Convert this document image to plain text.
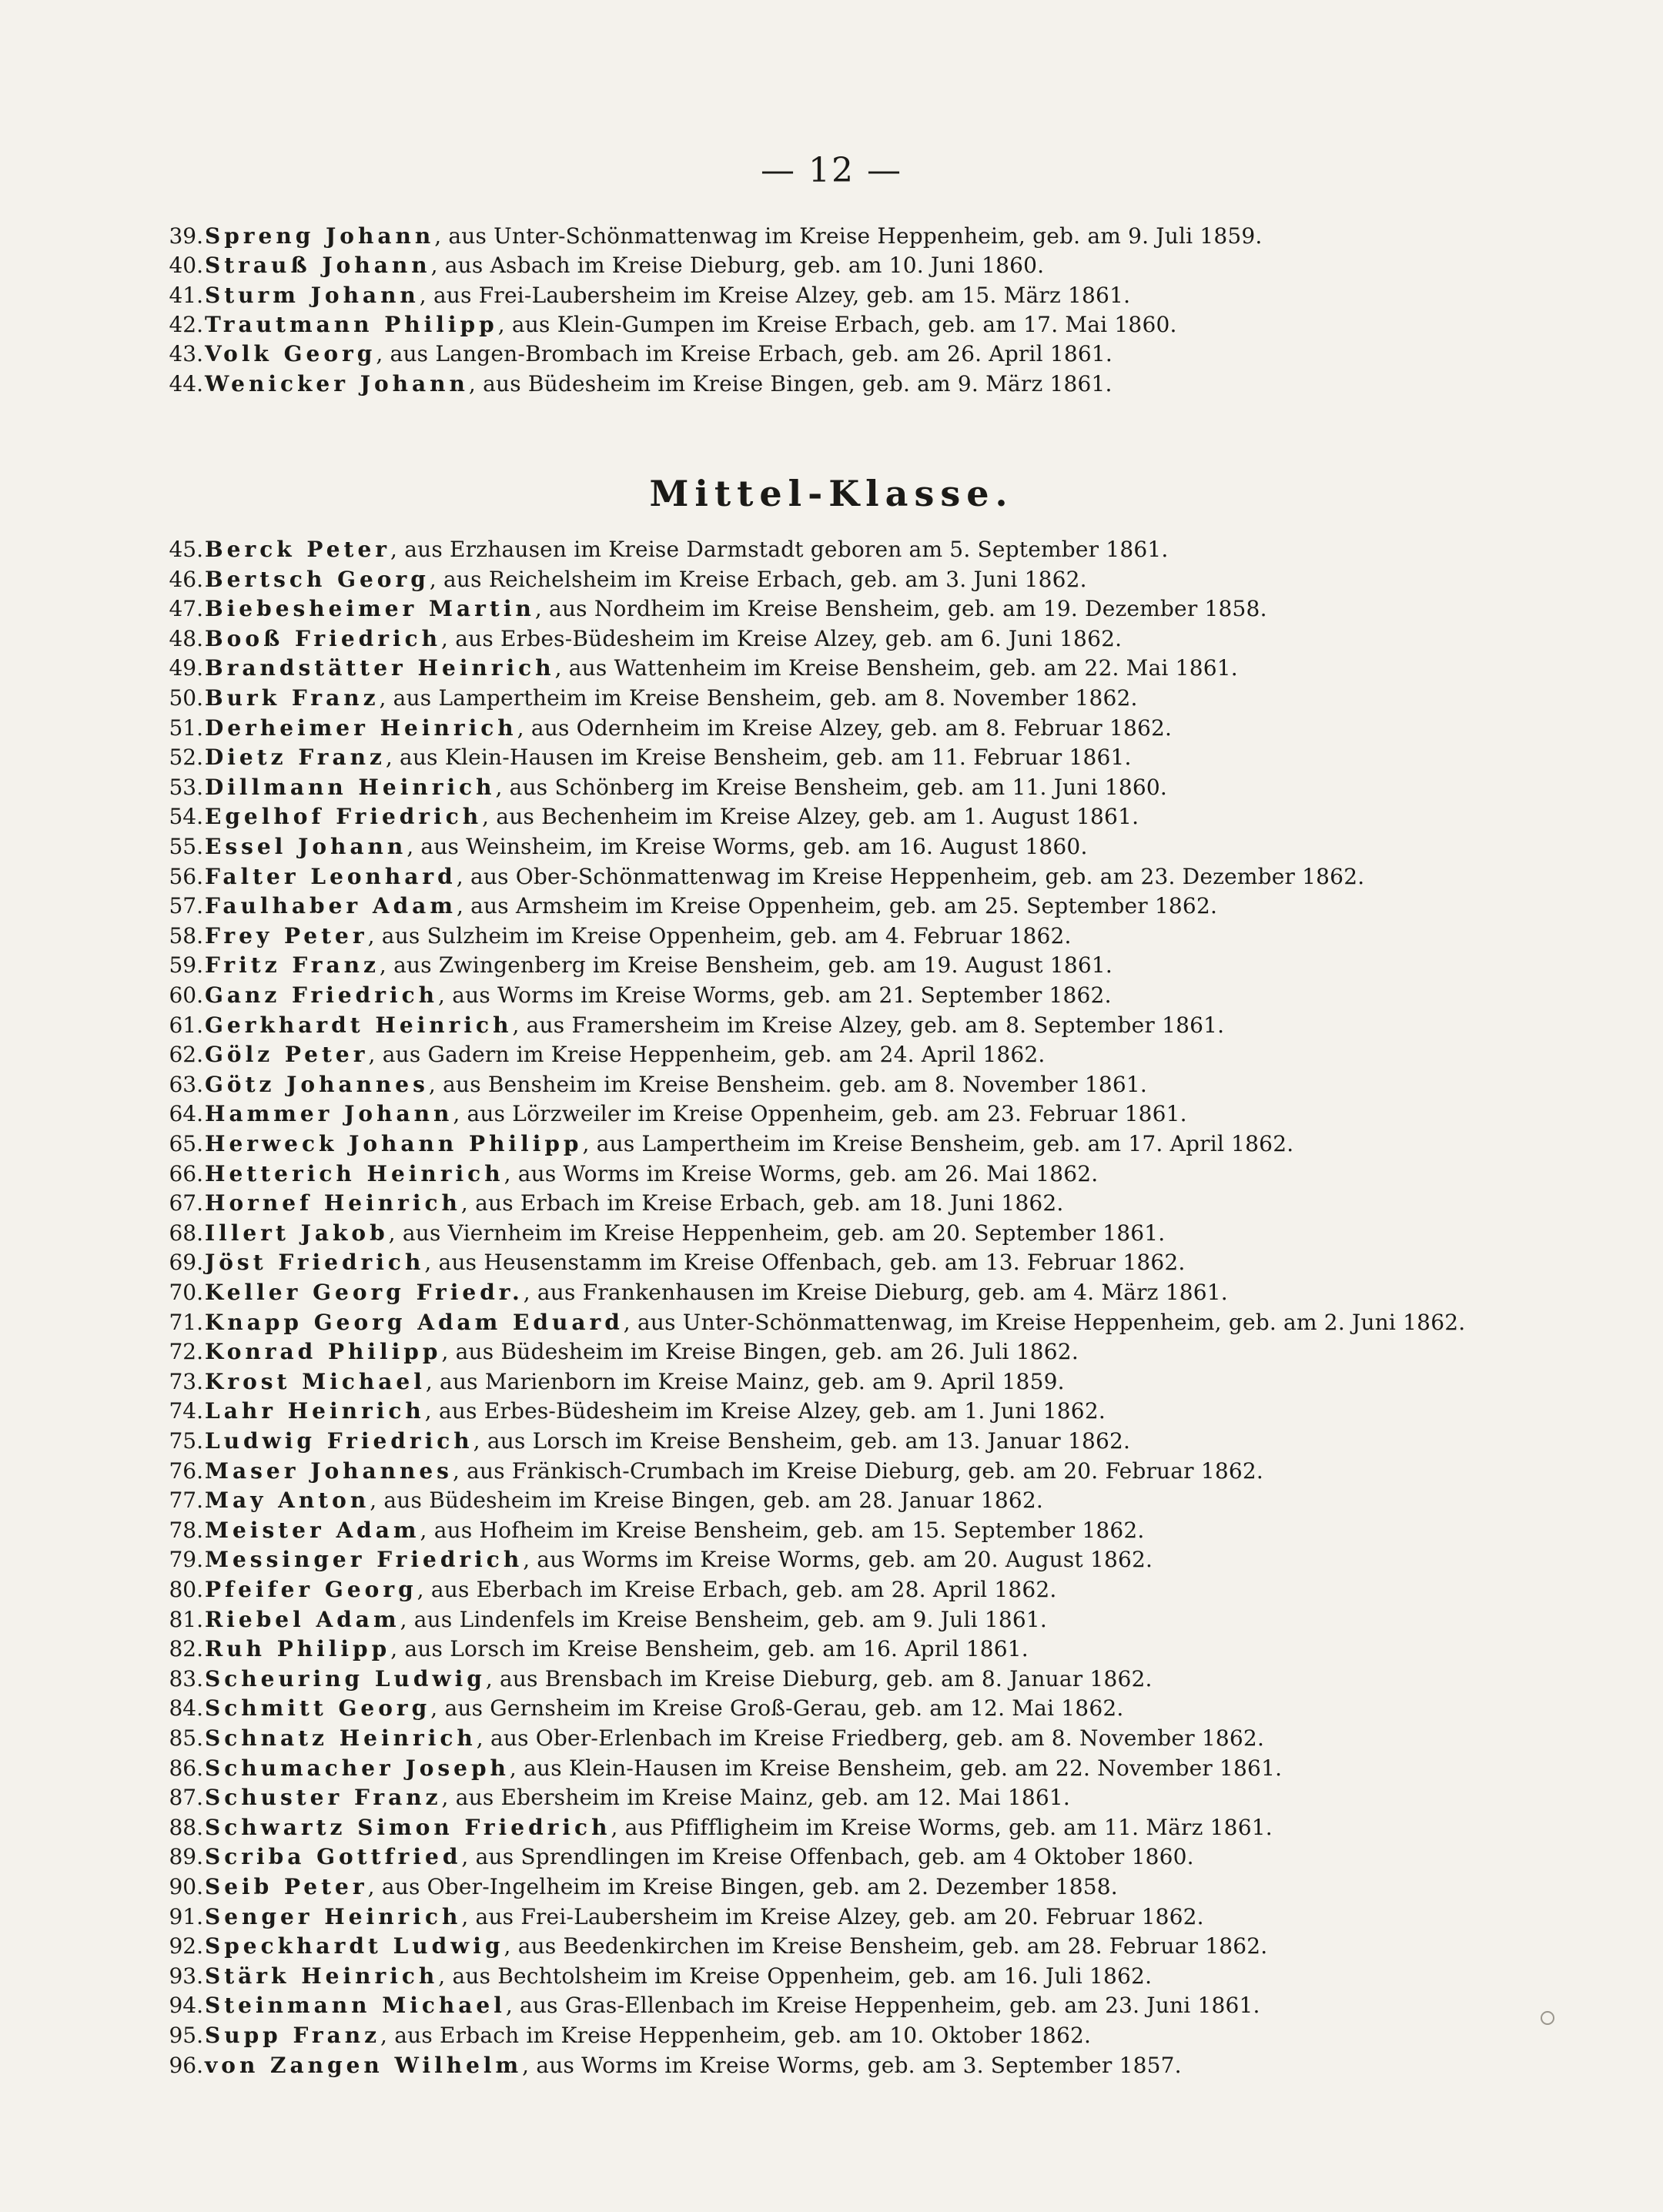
— 12 —
39. Spreng Johann, aus Unter-Schönmattenwag im Kreise Heppenheim, geb. am 9. Juli 1859.
40. Strauß Johann, aus Asbach im Kreise Dieburg, geb. am 10. Juni 1860.
41. Sturm Johann, aus Frei-Laubersheim im Kreise Alzey, geb. am 15. März 1861.
42. Trautmann Philipp, aus Klein-Gumpen im Kreise Erbach, geb. am 17. Mai 1860.
43. Volk Georg, aus Langen-Brombach im Kreise Erbach, geb. am 26. April 1861.
44. Wenicker Johann, aus Büdesheim im Kreise Bingen, geb. am 9. März 1861.
Mittel-Klasse.
45. Berck Peter, aus Erzhausen im Kreise Darmstadt geboren am 5. September 1861.
46. Bertsch Georg, aus Reichelsheim im Kreise Erbach, geb. am 3. Juni 1862.
47. Biebesheimer Martin, aus Nordheim im Kreise Bensheim, geb. am 19. Dezember 1858.
48. Booß Friedrich, aus Erbes-Büdesheim im Kreise Alzey, geb. am 6. Juni 1862.
49. Brandstätter Heinrich, aus Wattenheim im Kreise Bensheim, geb. am 22. Mai 1861.
50. Burk Franz, aus Lampertheim im Kreise Bensheim, geb. am 8. November 1862.
51. Derheimer Heinrich, aus Odernheim im Kreise Alzey, geb. am 8. Februar 1862.
52. Dietz Franz, aus Klein-Hausen im Kreise Bensheim, geb. am 11. Februar 1861.
53. Dillmann Heinrich, aus Schönberg im Kreise Bensheim, geb. am 11. Juni 1860.
54. Egelhof Friedrich, aus Bechenheim im Kreise Alzey, geb. am 1. August 1861.
55. Essel Johann, aus Weinsheim, im Kreise Worms, geb. am 16. August 1860.
56. Falter Leonhard, aus Ober-Schönmattenwag im Kreise Heppenheim, geb. am 23. Dezember 1862.
57. Faulhaber Adam, aus Armsheim im Kreise Oppenheim, geb. am 25. September 1862.
58. Frey Peter, aus Sulzheim im Kreise Oppenheim, geb. am 4. Februar 1862.
59. Fritz Franz, aus Zwingenberg im Kreise Bensheim, geb. am 19. August 1861.
60. Ganz Friedrich, aus Worms im Kreise Worms, geb. am 21. September 1862.
61. Gerkhardt Heinrich, aus Framersheim im Kreise Alzey, geb. am 8. September 1861.
62. Gölz Peter, aus Gadern im Kreise Heppenheim, geb. am 24. April 1862.
63. Götz Johannes, aus Bensheim im Kreise Bensheim. geb. am 8. November 1861.
64. Hammer Johann, aus Lörzweiler im Kreise Oppenheim, geb. am 23. Februar 1861.
65. Herweck Johann Philipp, aus Lampertheim im Kreise Bensheim, geb. am 17. April 1862.
66. Hetterich Heinrich, aus Worms im Kreise Worms, geb. am 26. Mai 1862.
67. Hornef Heinrich, aus Erbach im Kreise Erbach, geb. am 18. Juni 1862.
68. Illert Jakob, aus Viernheim im Kreise Heppenheim, geb. am 20. September 1861.
69. Jöst Friedrich, aus Heusenstamm im Kreise Offenbach, geb. am 13. Februar 1862.
70. Keller Georg Friedr., aus Frankenhausen im Kreise Dieburg, geb. am 4. März 1861.
71. Knapp Georg Adam Eduard, aus Unter-Schönmattenwag, im Kreise Heppenheim, geb. am 2. Juni 1862.
72. Konrad Philipp, aus Büdesheim im Kreise Bingen, geb. am 26. Juli 1862.
73. Krost Michael, aus Marienborn im Kreise Mainz, geb. am 9. April 1859.
74. Lahr Heinrich, aus Erbes-Büdesheim im Kreise Alzey, geb. am 1. Juni 1862.
75. Ludwig Friedrich, aus Lorsch im Kreise Bensheim, geb. am 13. Januar 1862.
76. Maser Johannes, aus Fränkisch-Crumbach im Kreise Dieburg, geb. am 20. Februar 1862.
77. May Anton, aus Büdesheim im Kreise Bingen, geb. am 28. Januar 1862.
78. Meister Adam, aus Hofheim im Kreise Bensheim, geb. am 15. September 1862.
79. Messinger Friedrich, aus Worms im Kreise Worms, geb. am 20. August 1862.
80. Pfeifer Georg, aus Eberbach im Kreise Erbach, geb. am 28. April 1862.
81. Riebel Adam, aus Lindenfels im Kreise Bensheim, geb. am 9. Juli 1861.
82. Ruh Philipp, aus Lorsch im Kreise Bensheim, geb. am 16. April 1861.
83. Scheuring Ludwig, aus Brensbach im Kreise Dieburg, geb. am 8. Januar 1862.
84. Schmitt Georg, aus Gernsheim im Kreise Groß-Gerau, geb. am 12. Mai 1862.
85. Schnatz Heinrich, aus Ober-Erlenbach im Kreise Friedberg, geb. am 8. November 1862.
86. Schumacher Joseph, aus Klein-Hausen im Kreise Bensheim, geb. am 22. November 1861.
87. Schuster Franz, aus Ebersheim im Kreise Mainz, geb. am 12. Mai 1861.
88. Schwartz Simon Friedrich, aus Pfiffligheim im Kreise Worms, geb. am 11. März 1861.
89. Scriba Gottfried, aus Sprendlingen im Kreise Offenbach, geb. am 4 Oktober 1860.
90. Seib Peter, aus Ober-Ingelheim im Kreise Bingen, geb. am 2. Dezember 1858.
91. Senger Heinrich, aus Frei-Laubersheim im Kreise Alzey, geb. am 20. Februar 1862.
92. Speckhardt Ludwig, aus Beedenkirchen im Kreise Bensheim, geb. am 28. Februar 1862.
93. Stärk Heinrich, aus Bechtolsheim im Kreise Oppenheim, geb. am 16. Juli 1862.
94. Steinmann Michael, aus Gras-Ellenbach im Kreise Heppenheim, geb. am 23. Juni 1861.
95. Supp Franz, aus Erbach im Kreise Heppenheim, geb. am 10. Oktober 1862.
96. von Zangen Wilhelm, aus Worms im Kreise Worms, geb. am 3. September 1857.
